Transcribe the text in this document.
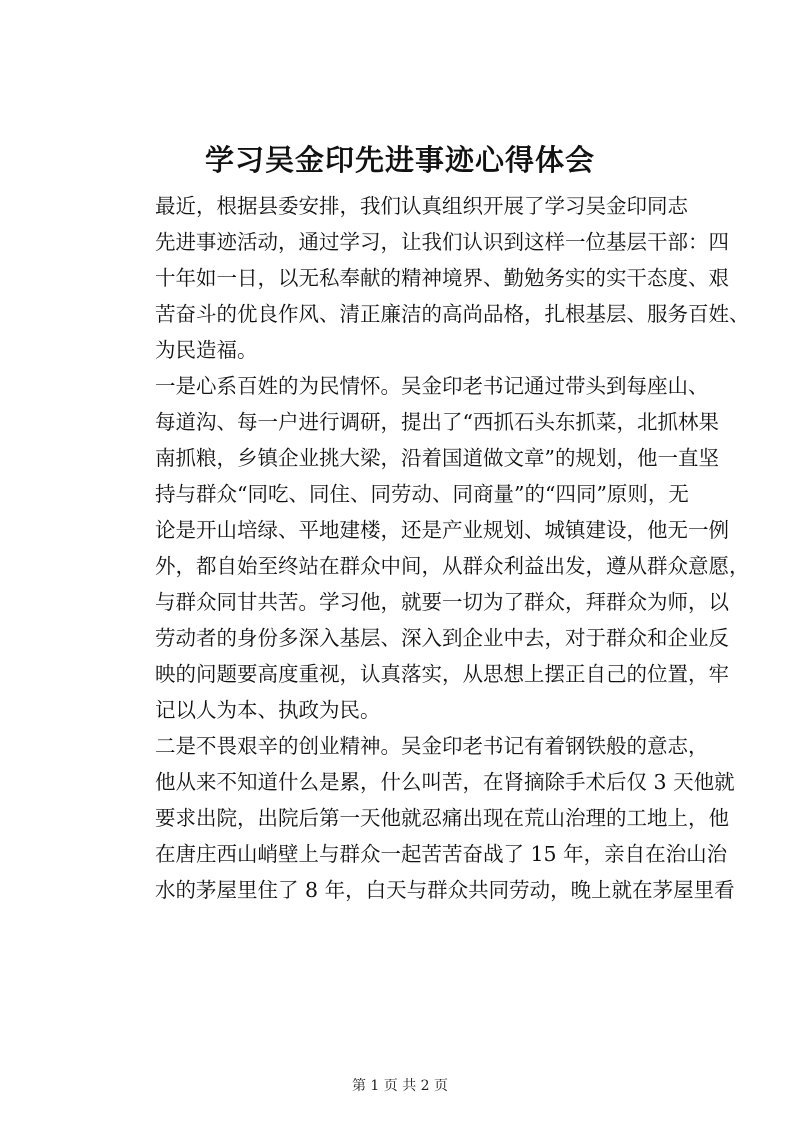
学习吴金印先进事迹心得体会

最近，根据县委安排，我们认真组织开展了学习吴金印同志
先进事迹活动，通过学习，让我们认识到这样一位基层干部：四
十年如一日，以无私奉献的精神境界、勤勉务实的实干态度、艰
苦奋斗的优良作风、清正廉洁的高尚品格，扎根基层、服务百姓、
为民造福。

一是心系百姓的为民情怀。吴金印老书记通过带头到每座山、
每道沟、每一户进行调研，提出了“西抓石头东抓菜，北抓林果
南抓粮，乡镇企业挑大梁，沿着国道做文章”的规划，他一直坚
持与群众“同吃、同住、同劳动、同商量”的“四同”原则，无
论是开山培绿、平地建楼，还是产业规划、城镇建设，他无一例
外，都自始至终站在群众中间，从群众利益出发，遵从群众意愿，
与群众同甘共苦。学习他，就要一切为了群众，拜群众为师，以
劳动者的身份多深入基层、深入到企业中去，对于群众和企业反
映的问题要高度重视，认真落实，从思想上摆正自己的位置，牢
记以人为本、执政为民。

二是不畏艰辛的创业精神。吴金印老书记有着钢铁般的意志，
他从来不知道什么是累，什么叫苦，在肾摘除手术后仅 3 天他就
要求出院，出院后第一天他就忍痛出现在荒山治理的工地上，他
在唐庄西山峭壁上与群众一起苦苦奋战了 15 年，亲自在治山治
水的茅屋里住了 8 年，白天与群众共同劳动，晚上就在茅屋里看

第 1 页 共 2 页
